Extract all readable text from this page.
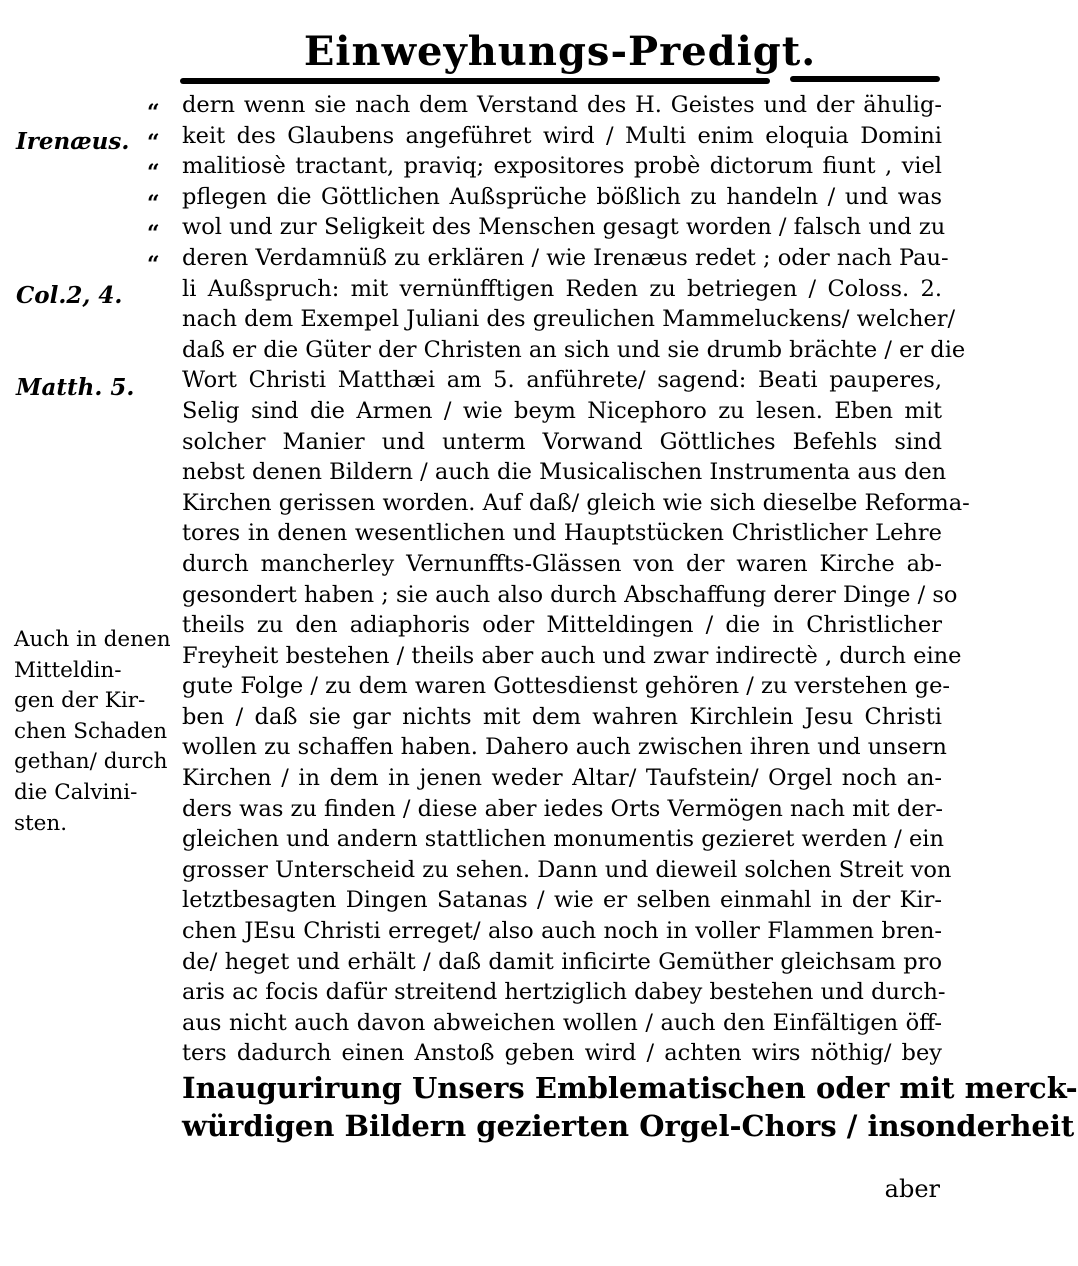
Einweyhungs-Predigt.
Irenæus.
Col.2, 4.
Matth. 5.
“
“
“
“
“
“
Auch in denen
Mitteldin-
gen der Kir-
chen Schaden
gethan/ durch
die Calvini-
sten.
dern wenn sie nach dem Verstand des H. Geistes und der ähulig-
keit des Glaubens angeführet wird / Multi enim eloquia Domini
malitiosè tractant, praviq; expositores probè dictorum fiunt , viel
pflegen die Göttlichen Außsprüche bößlich zu handeln / und was
wol und zur Seligkeit des Menschen gesagt worden / falsch und zu
deren Verdamnüß zu erklären / wie Irenæus redet ; oder nach Pau-
li Außspruch: mit vernünfftigen Reden zu betriegen / Coloss. 2.
nach dem Exempel Juliani des greulichen Mammeluckens/ welcher/
daß er die Güter der Christen an sich und sie drumb brächte / er die
Wort Christi Matthæi am 5. anführete/ sagend: Beati pauperes,
Selig sind die Armen / wie beym Nicephoro zu lesen. Eben mit
solcher Manier und unterm Vorwand Göttliches Befehls sind
nebst denen Bildern / auch die Musicalischen Instrumenta aus den
Kirchen gerissen worden. Auf daß/ gleich wie sich dieselbe Reforma-
tores in denen wesentlichen und Hauptstücken Christlicher Lehre
durch mancherley Vernunffts-Glässen von der waren Kirche ab-
gesondert haben ; sie auch also durch Abschaffung derer Dinge / so
theils zu den adiaphoris oder Mitteldingen / die in Christlicher
Freyheit bestehen / theils aber auch und zwar indirectè , durch eine
gute Folge / zu dem waren Gottesdienst gehören / zu verstehen ge-
ben / daß sie gar nichts mit dem wahren Kirchlein Jesu Christi
wollen zu schaffen haben. Dahero auch zwischen ihren und unsern
Kirchen / in dem in jenen weder Altar/ Taufstein/ Orgel noch an-
ders was zu finden / diese aber iedes Orts Vermögen nach mit der-
gleichen und andern stattlichen monumentis gezieret werden / ein
grosser Unterscheid zu sehen. Dann und dieweil solchen Streit von
letztbesagten Dingen Satanas / wie er selben einmahl in der Kir-
chen JEsu Christi erreget/ also auch noch in voller Flammen bren-
de/ heget und erhält / daß damit inficirte Gemüther gleichsam pro
aris ac focis dafür streitend hertziglich dabey bestehen und durch-
aus nicht auch davon abweichen wollen / auch den Einfältigen öff-
ters dadurch einen Anstoß geben wird / achten wirs nöthig/ bey
Inaugurirung Unsers Emblematischen oder mit merck-
würdigen Bildern gezierten Orgel-Chors / insonderheit
aber
